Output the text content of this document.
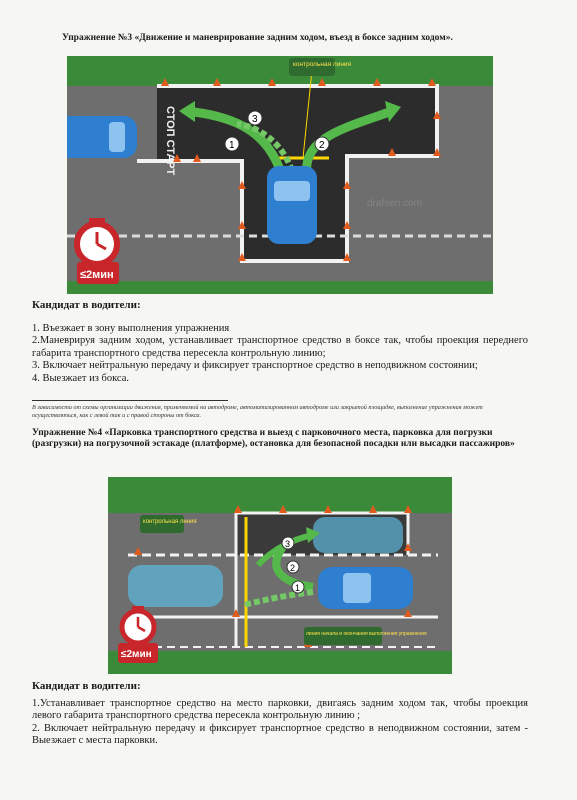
Упражнение №3 «Движение и маневрирование задним ходом, въезд в боксе задним ходом».
СТОП СТАРТ	1	2
3
контрольная линия
≤2мин
drafsen.com
Кандидат в водители:
1. Въезжает в зону выполнения упражнения
2.Маневрируя задним ходом, устанавливает транспортное средство в боксе так, чтобы проекция переднего габарита транспортного средства пересекла контрольную линию;
3. Включает нейтральную передачу и фиксирует транспортное средство в неподвижном состоянии;
4. Выезжает из бокса.
В зависимости от схемы организации движения, применяемой на автодроме, автоматизированном автодроме или закрытой площадке, выполнение упражнения может осуществляться, как с левой так и с правой стороны от бокса.
Упражнение №4 «Парковка транспортного средства и выезд с парковочного места, парковка для погрузки (разгрузки) на погрузочной эстакаде (платформе), остановка для безопасной посадки или высадки пассажиров»
1
2
3
контрольная линия
линия начала и окончания выполнения упражнения
≤2мин
Кандидат в водители:
1.Устанавливает транспортное средство на место парковки, двигаясь задним ходом так, чтобы проекция левого габарита транспортного средства пересекла контрольную линию ;
2. Включает нейтральную передачу и фиксирует транспортное средство в неподвижном состоянии, затем - Выезжает с места парковки.
